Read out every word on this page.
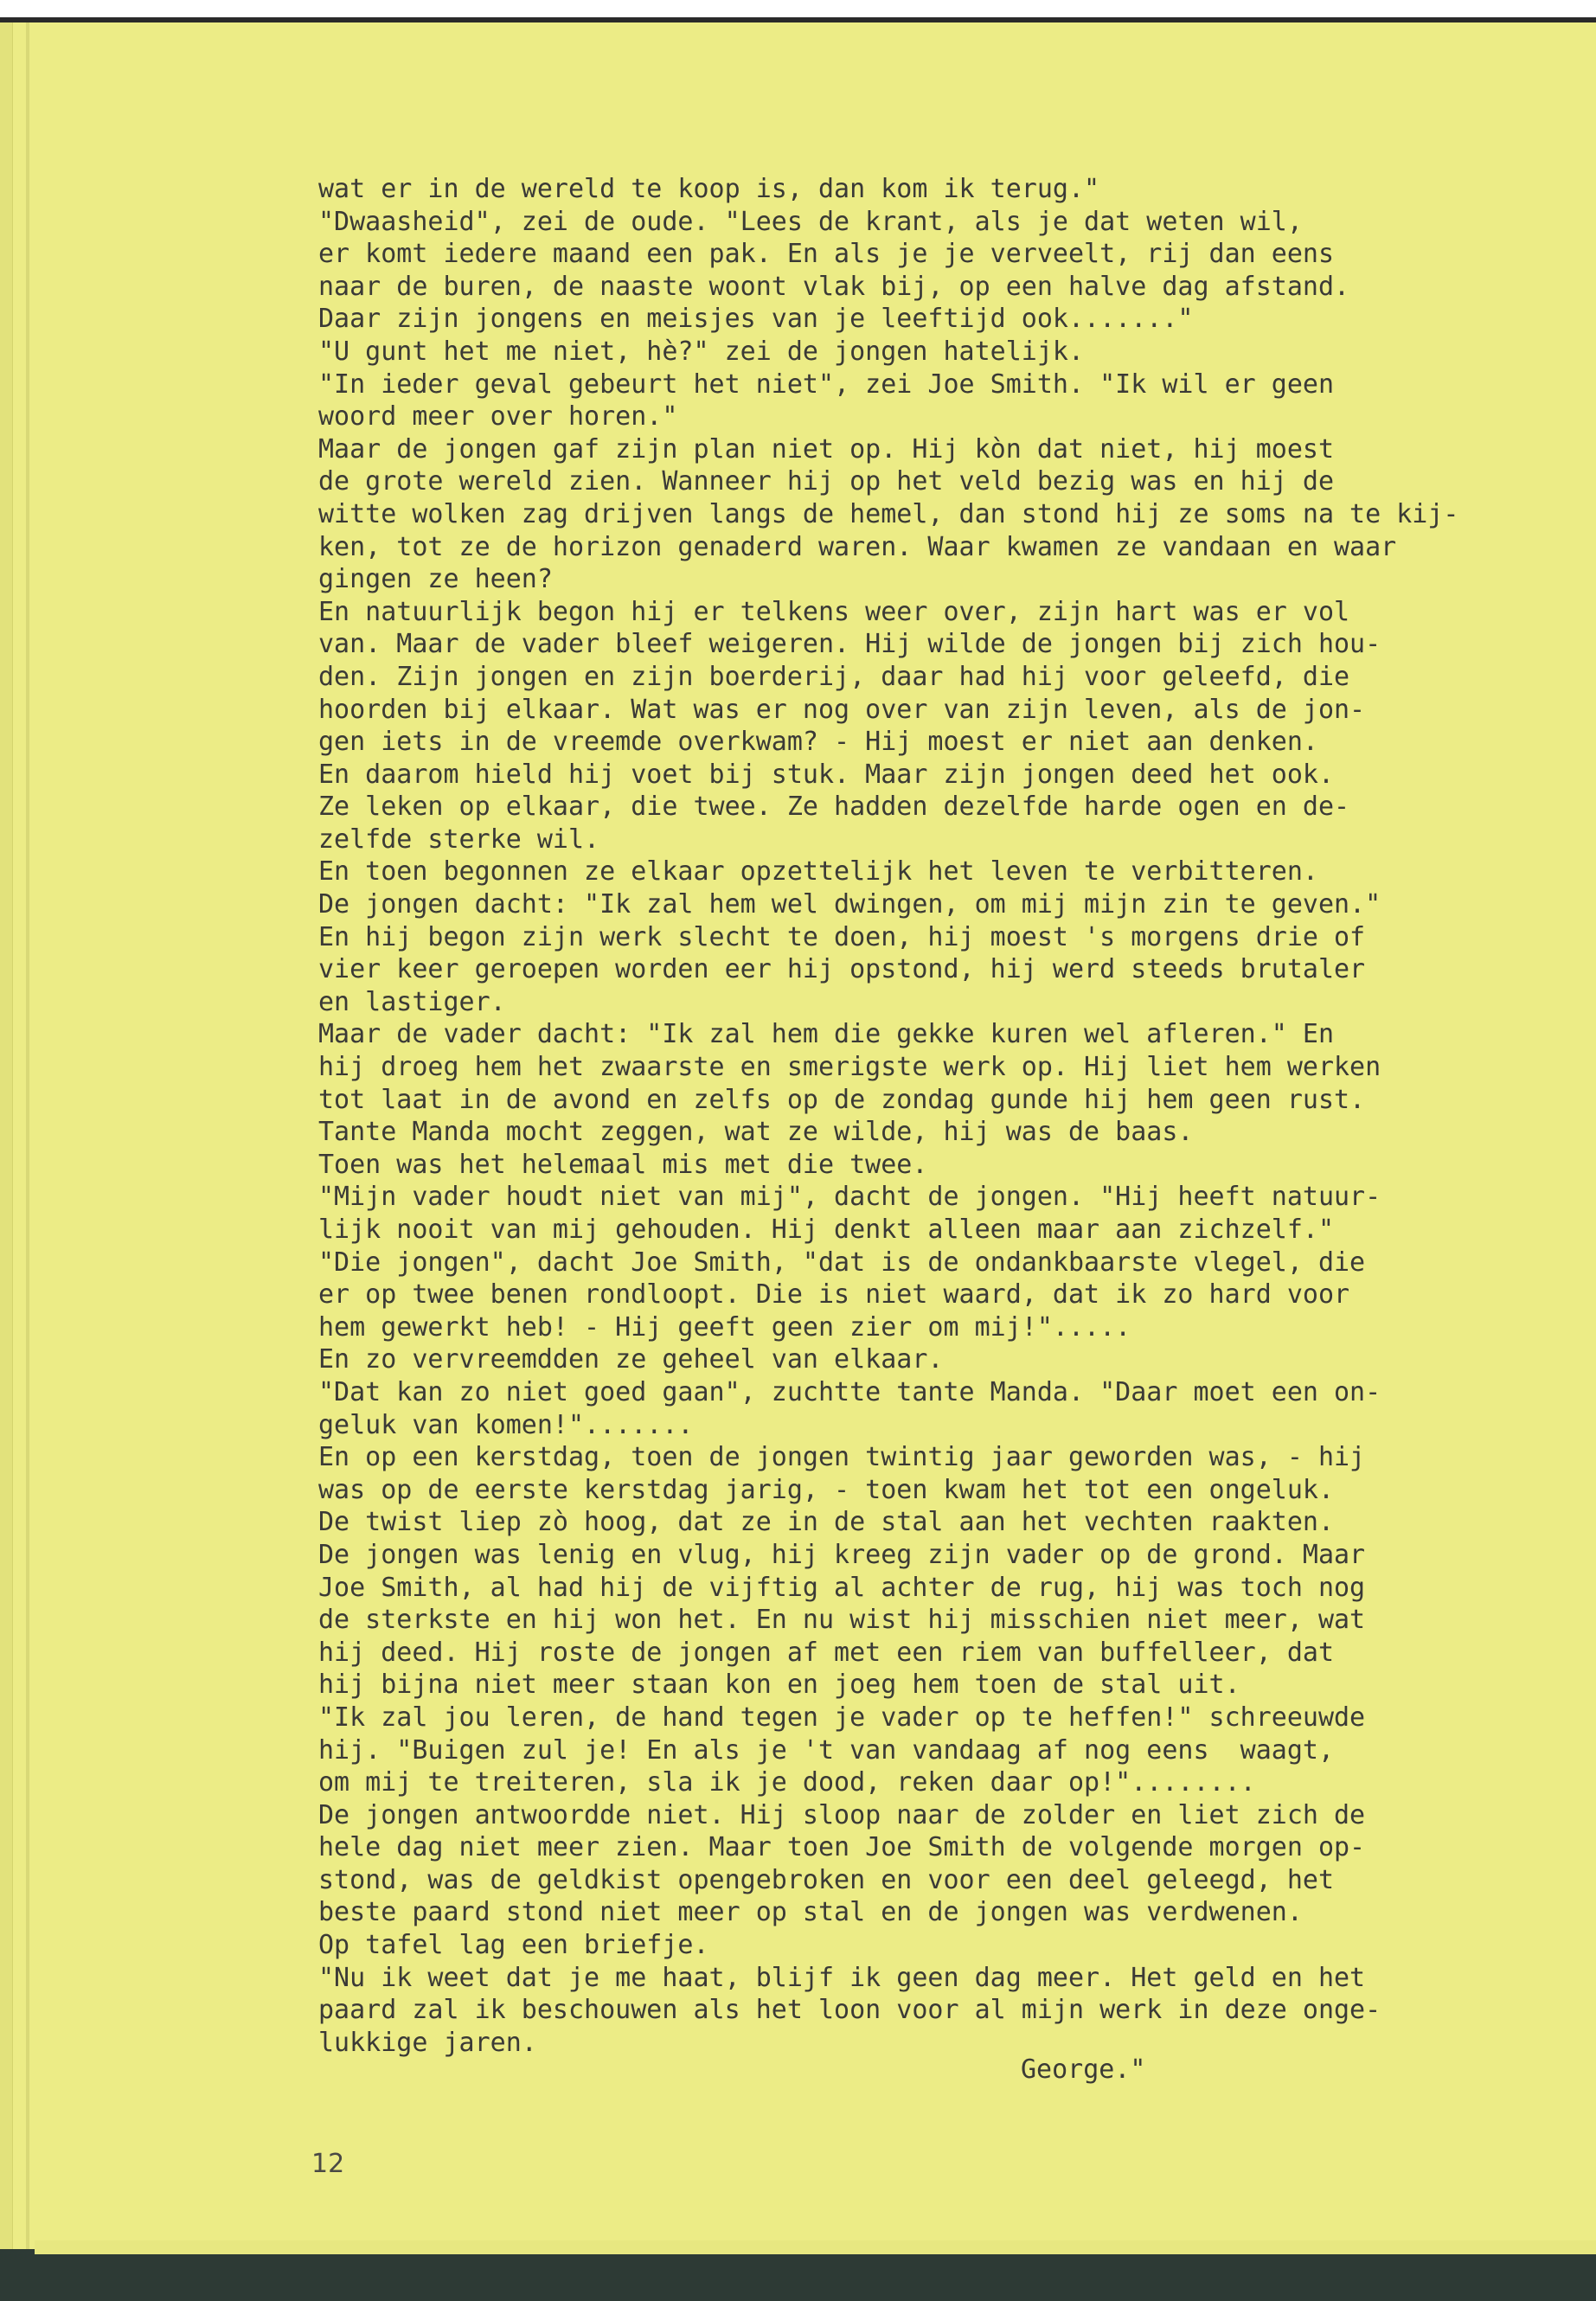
wat er in de wereld te koop is, dan kom ik terug."
"Dwaasheid", zei de oude. "Lees de krant, als je dat weten wil,
er komt iedere maand een pak. En als je je verveelt, rij dan eens
naar de buren, de naaste woont vlak bij, op een halve dag afstand.
Daar zijn jongens en meisjes van je leeftijd ook......."
"U gunt het me niet, hè?" zei de jongen hatelijk.
"In ieder geval gebeurt het niet", zei Joe Smith. "Ik wil er geen
woord meer over horen."
Maar de jongen gaf zijn plan niet op. Hij kòn dat niet, hij moest
de grote wereld zien. Wanneer hij op het veld bezig was en hij de
witte wolken zag drijven langs de hemel, dan stond hij ze soms na te kij-
ken, tot ze de horizon genaderd waren. Waar kwamen ze vandaan en waar
gingen ze heen?
En natuurlijk begon hij er telkens weer over, zijn hart was er vol
van. Maar de vader bleef weigeren. Hij wilde de jongen bij zich hou-
den. Zijn jongen en zijn boerderij, daar had hij voor geleefd, die
hoorden bij elkaar. Wat was er nog over van zijn leven, als de jon-
gen iets in de vreemde overkwam? - Hij moest er niet aan denken.
En daarom hield hij voet bij stuk. Maar zijn jongen deed het ook.
Ze leken op elkaar, die twee. Ze hadden dezelfde harde ogen en de-
zelfde sterke wil.
En toen begonnen ze elkaar opzettelijk het leven te verbitteren.
De jongen dacht: "Ik zal hem wel dwingen, om mij mijn zin te geven."
En hij begon zijn werk slecht te doen, hij moest 's morgens drie of
vier keer geroepen worden eer hij opstond, hij werd steeds brutaler
en lastiger.
Maar de vader dacht: "Ik zal hem die gekke kuren wel afleren." En
hij droeg hem het zwaarste en smerigste werk op. Hij liet hem werken
tot laat in de avond en zelfs op de zondag gunde hij hem geen rust.
Tante Manda mocht zeggen, wat ze wilde, hij was de baas.
Toen was het helemaal mis met die twee.
"Mijn vader houdt niet van mij", dacht de jongen. "Hij heeft natuur-
lijk nooit van mij gehouden. Hij denkt alleen maar aan zichzelf."
"Die jongen", dacht Joe Smith, "dat is de ondankbaarste vlegel, die
er op twee benen rondloopt. Die is niet waard, dat ik zo hard voor
hem gewerkt heb! - Hij geeft geen zier om mij!".....
En zo vervreemdden ze geheel van elkaar.
"Dat kan zo niet goed gaan", zuchtte tante Manda. "Daar moet een on-
geluk van komen!".......
En op een kerstdag, toen de jongen twintig jaar geworden was, - hij
was op de eerste kerstdag jarig, - toen kwam het tot een ongeluk.
De twist liep zò hoog, dat ze in de stal aan het vechten raakten.
De jongen was lenig en vlug, hij kreeg zijn vader op de grond. Maar
Joe Smith, al had hij de vijftig al achter de rug, hij was toch nog
de sterkste en hij won het. En nu wist hij misschien niet meer, wat
hij deed. Hij roste de jongen af met een riem van buffelleer, dat
hij bijna niet meer staan kon en joeg hem toen de stal uit.
"Ik zal jou leren, de hand tegen je vader op te heffen!" schreeuwde
hij. "Buigen zul je! En als je 't van vandaag af nog eens  waagt,
om mij te treiteren, sla ik je dood, reken daar op!"........
De jongen antwoordde niet. Hij sloop naar de zolder en liet zich de
hele dag niet meer zien. Maar toen Joe Smith de volgende morgen op-
stond, was de geldkist opengebroken en voor een deel geleegd, het
beste paard stond niet meer op stal en de jongen was verdwenen.
Op tafel lag een briefje.
"Nu ik weet dat je me haat, blijf ik geen dag meer. Het geld en het
paard zal ik beschouwen als het loon voor al mijn werk in deze onge-
lukkige jaren.
George."
12
